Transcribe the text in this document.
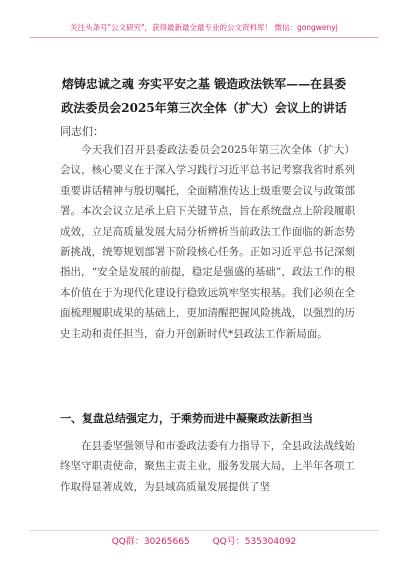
关注头条号"公文研究"，获得最新最全最专业的公文资料库！ 微信：gongwenyj
熔铸忠诚之魂 夯实平安之基 锻造政法铁军——在县委政法委员会2025年第三次全体（扩大）会议上的讲话
同志们：

今天我们召开县委政法委员会2025年第三次全体（扩大）会议，核心要义在于深入学习践行习近平总书记考察我省时系列重要讲话精神与殷切嘱托，全面精准传达上级重要会议与政策部署。本次会议立足承上启下关键节点，旨在系统盘点上阶段履职成效，立足高质量发展大局分析辨析当前政法工作面临的新态势新挑战，统筹规划部署下阶段核心任务。正如习近平总书记深刻指出，“安全是发展的前提，稳定是强盛的基础”，政法工作的根本价值在于为现代化建设行稳致远筑牢坚实根基。我们必须在全面梳理履职成果的基础上，更加清醒把握风险挑战，以强烈的历史主动和责任担当，奋力开创新时代*县政法工作新局面。

一、复盘总结强定力，于乘势而进中凝聚政法新担当

在县委坚强领导和市委政法委有力指导下，全县政法战线始终坚守职责使命，聚焦主责主业，服务发展大局，上半年各项工作取得显著成效，为县域高质量发展提供了坚

QQ群：30265665	QQ号：535304092
